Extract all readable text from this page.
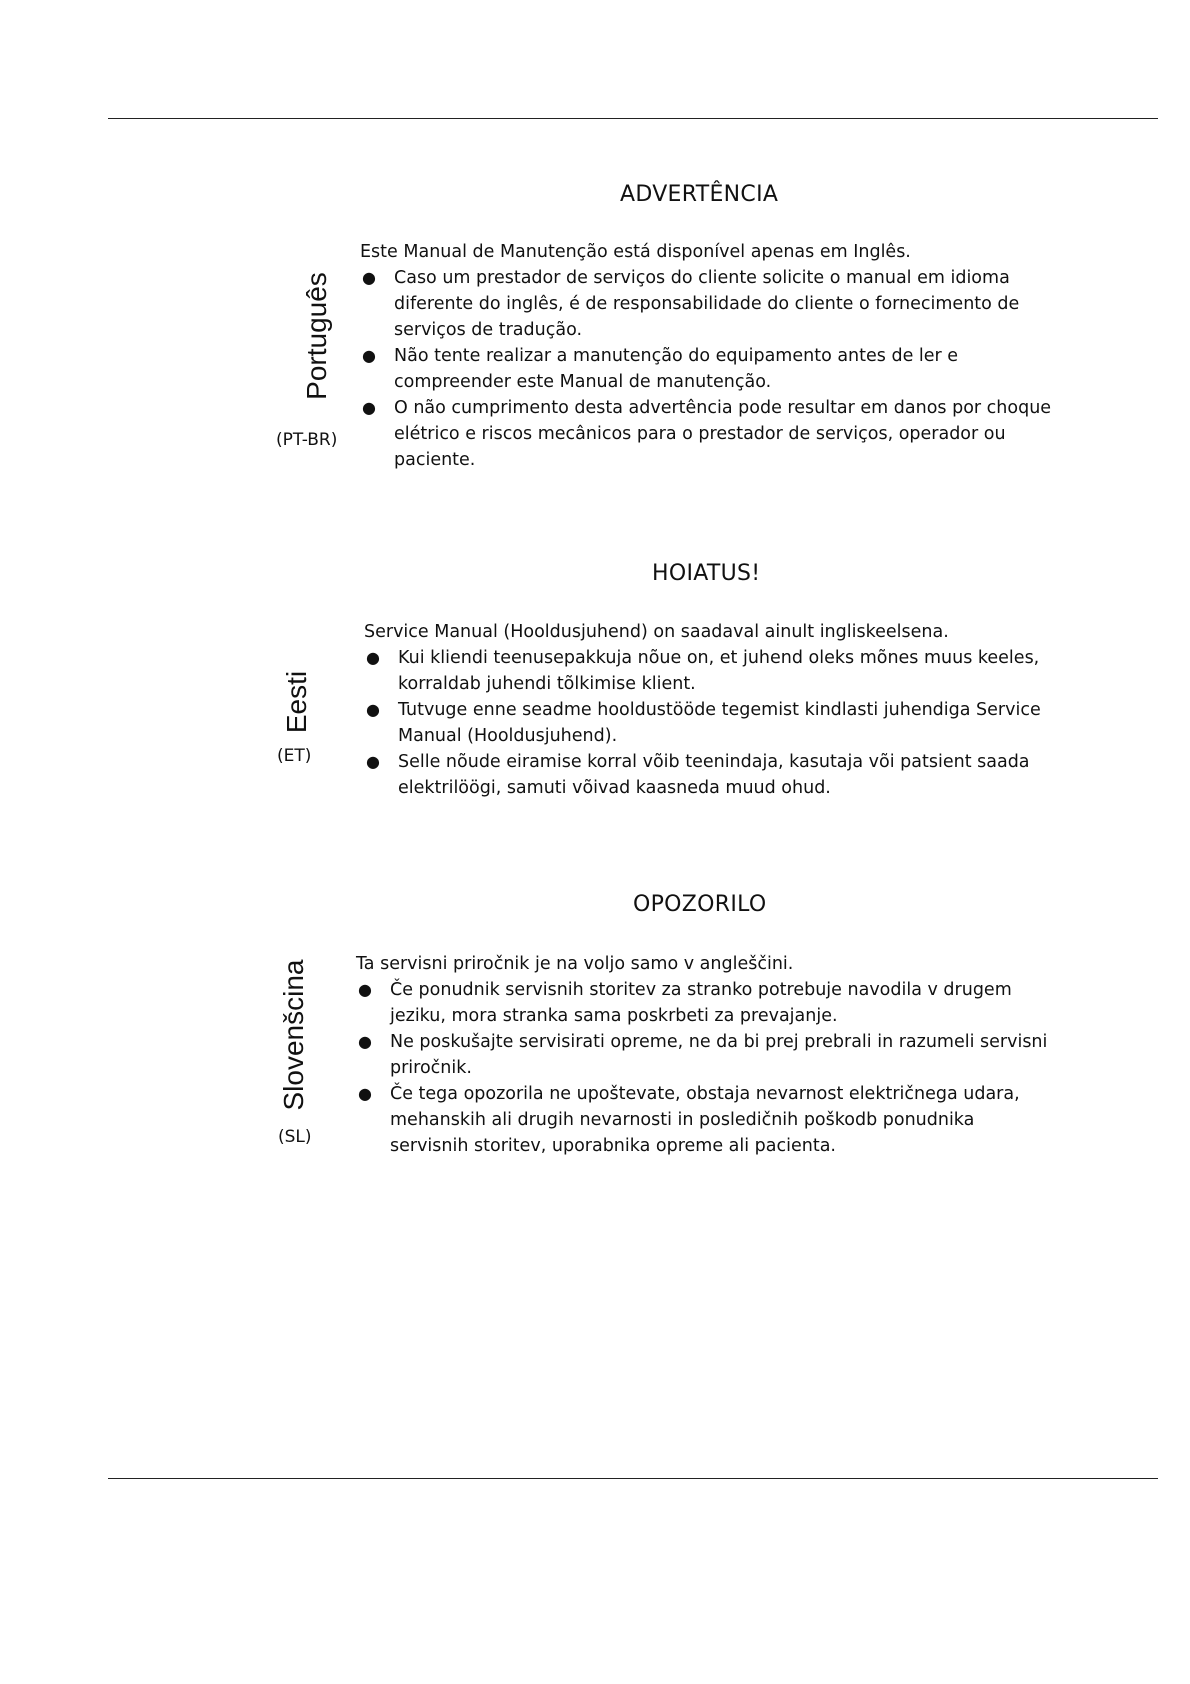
ADVERTÊNCIA
Português
(PT-BR)
Este Manual de Manutenção está disponível apenas em Inglês.
● Caso um prestador de serviços do cliente solicite o manual em idioma diferente do inglês, é de responsabilidade do cliente o fornecimento de serviços de tradução.
● Não tente realizar a manutenção do equipamento antes de ler e compreender este Manual de manutenção.
● O não cumprimento desta advertência pode resultar em danos por choque elétrico e riscos mecânicos para o prestador de serviços, operador ou paciente.
HOIATUS!
Eesti
(ET)
Service Manual (Hooldusjuhend) on saadaval ainult ingliskeelsena.
● Kui kliendi teenusepakkuja nõue on, et juhend oleks mõnes muus keeles, korraldab juhendi tõlkimise klient.
● Tutvuge enne seadme hooldustööde tegemist kindlasti juhendiga Service Manual (Hooldusjuhend).
● Selle nõude eiramise korral võib teenindaja, kasutaja või patsient saada elektrilöögi, samuti võivad kaasneda muud ohud.
OPOZORILO
Slovenšcina
(SL)
Ta servisni priročnik je na voljo samo v angleščini.
● Če ponudnik servisnih storitev za stranko potrebuje navodila v drugem jeziku, mora stranka sama poskrbeti za prevajanje.
● Ne poskušajte servisirati opreme, ne da bi prej prebrali in razumeli servisni priročnik.
● Če tega opozorila ne upoštevate, obstaja nevarnost električnega udara, mehanskih ali drugih nevarnosti in posledičnih poškodb ponudnika servisnih storitev, uporabnika opreme ali pacienta.
